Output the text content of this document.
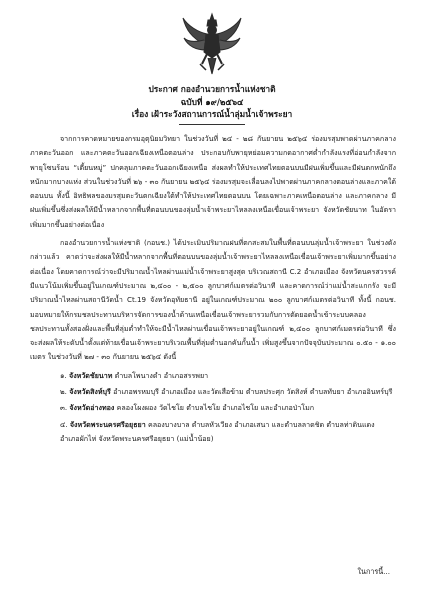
ประกาศ กองอำนวยการน้ำแห่งชาติ
ฉบับที่ ๑๙/๒๕๖๔
เรื่อง เฝ้าระวังสถานการณ์น้ำลุ่มน้ำเจ้าพระยา

จากการคาดหมายของกรมอุตุนิยมวิทยา ในช่วงวันที่ ๒๔ - ๒๘ กันยายน ๒๕๖๔ ร่องมรสุมพาดผ่านภาคกลาง ภาคตะวันออก และภาคตะวันออกเฉียงเหนือตอนล่าง ประกอบกับพายุหย่อมความกดอากาศต่ำกำลังแรงที่อ่อนกำลังจาก พายุโซนร้อน “เตี้ยนหมู่” ปกคลุมภาคตะวันออกเฉียงเหนือ ส่งผลทำให้ประเทศไทยตอนบนมีฝนเพิ่มขึ้นและมีฝนตกหนักถึงหนักมากบางแห่ง ส่วนในช่วงวันที่ ๒๖ - ๓๐ กันยายน ๒๕๖๔ ร่องมรสุมจะเลื่อนลงไปพาดผ่านภาคกลางตอนล่างและภาคใต้ตอนบน ทั้งนี้ อิทธิพลของมรสุมตะวันตกเฉียงใต้ทำให้ประเทศไทยตอนบน โดยเฉพาะภาคเหนือตอนล่าง และภาคกลาง มีฝนเพิ่มขึ้นซึ่งส่งผลให้มีน้ำหลากจากพื้นที่ตอนบนของลุ่มน้ำเจ้าพระยาไหลลงเหนือเขื่อนเจ้าพระยา จังหวัดชัยนาท ในอัตราเพิ่มมากขึ้นอย่างต่อเนื่อง

กองอำนวยการน้ำแห่งชาติ (กอนช.) ได้ประเมินปริมาณฝนที่ตกสะสมในพื้นที่ตอนบนลุ่มน้ำเจ้าพระยา ในช่วงดังกล่าวแล้ว คาดว่าจะส่งผลให้มีน้ำหลากจากพื้นที่ตอนบนของลุ่มน้ำเจ้าพระยาไหลลงเหนือเขื่อนเจ้าพระยาเพิ่มมากขึ้นอย่างต่อเนื่อง โดยคาดการณ์ว่าจะมีปริมาณน้ำไหลผ่านแม่น้ำเจ้าพระยาสูงสุด บริเวณสถานี C.2 อำเภอเมือง จังหวัดนครสวรรค์ มีแนวโน้มเพิ่มขึ้นอยู่ในเกณฑ์ประมาณ ๒,๔๐๐ - ๒,๕๐๐ ลูกบาศก์เมตรต่อวินาที และคาดการณ์ว่าแม่น้ำสะแกกรัง จะมีปริมาณน้ำไหลผ่านสถานีวัดน้ำ Ct.19 จังหวัดอุทัยธานี อยู่ในเกณฑ์ประมาณ ๒๐๐ ลูกบาศก์เมตรต่อวินาที ทั้งนี้ กอนช. มอบหมายให้กรมชลประทานบริหารจัดการของน้ำด้านเหนือเขื่อนเจ้าพระยารวมกับการตัดยอดน้ำเข้าระบบคลองชลประทานทั้งสองฝั่งและพื้นที่ลุ่มต่ำทำให้จะมีน้ำไหลผ่านเขื่อนเจ้าพระยาอยู่ในเกณฑ์ ๒,๔๐๐ ลูกบาศก์เมตรต่อวินาที ซึ่งจะส่งผลให้ระดับน้ำตั้งแต่ท้ายเขื่อนเจ้าพระยาบริเวณพื้นที่ลุ่มต่ำนอกคันกั้นน้ำ เพิ่มสูงขึ้นจากปัจจุบันประมาณ ๐.๕๐ - ๑.๐๐ เมตร ในช่วงวันที่ ๒๗ - ๓๐ กันยายน ๒๕๖๔ ดังนี้

๑. จังหวัดชัยนาท ตำบลโพนางดำ อำเภอสรรพยา
๒. จังหวัดสิงห์บุรี อำเภอพรหมบุรี อำเภอเมือง และวัดเสือข้าม ตำบลประศุก วัดสิงห์ ตำบลทับยา อำเภออินทร์บุรี
๓. จังหวัดอ่างทอง คลองโผงผอง วัดไชโย ตำบลไชโย อำเภอไชโย และอำเภอป่าโมก
๔. จังหวัดพระนครศรีอยุธยา คลองบางบาล ตำบลหัวเวียง อำเภอเสนา และตำบลลาดชิด ตำบลท่าดินแดง อำเภอผักไห่ จังหวัดพระนครศรีอยุธยา (แม่น้ำน้อย)
ในการนี้...
